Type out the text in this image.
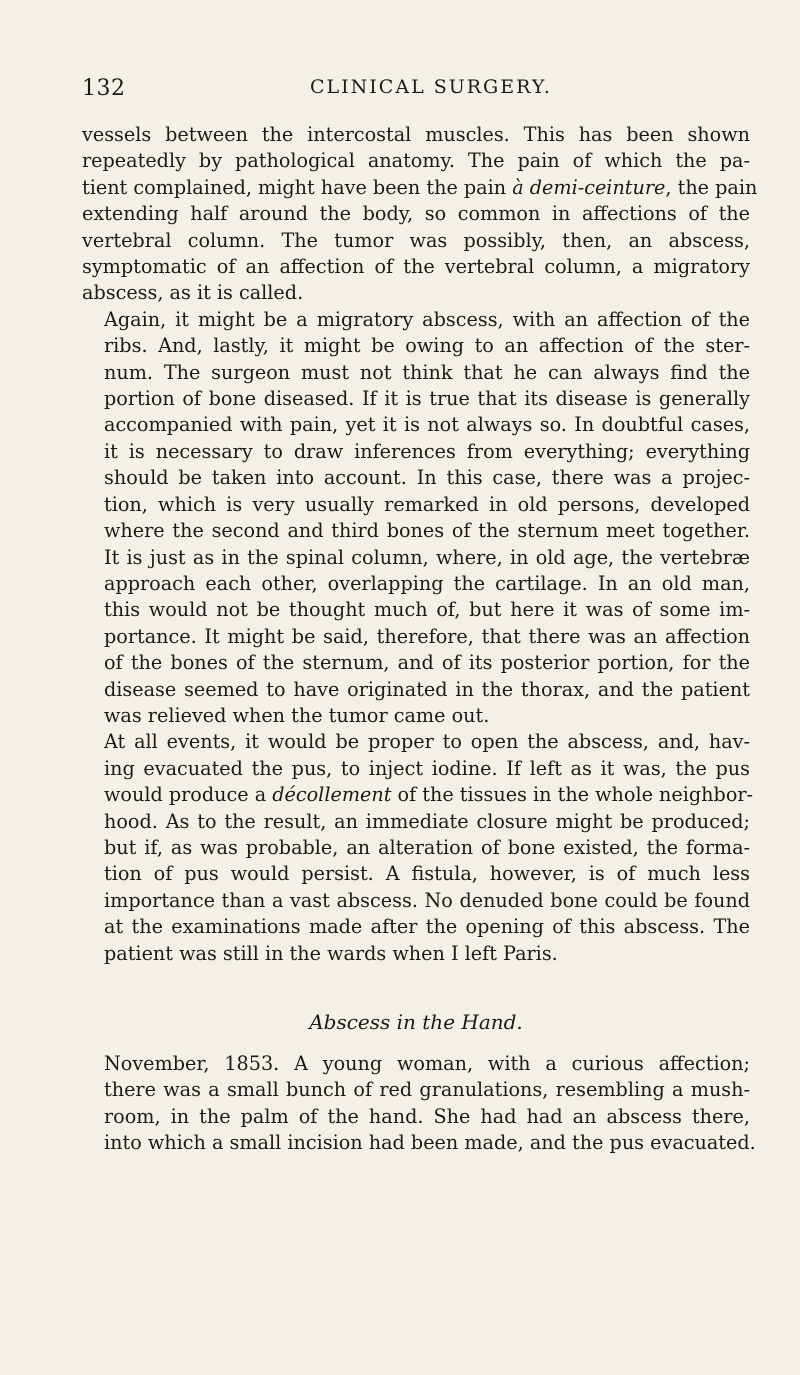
132	CLINICAL SURGERY.

vessels between the intercostal muscles. This has been shown
repeatedly by pathological anatomy. The pain of which the pa-
tient complained, might have been the pain à demi-ceinture, the pain
extending half around the body, so common in affections of the
vertebral column. The tumor was possibly, then, an abscess,
symptomatic of an affection of the vertebral column, a migratory
abscess, as it is called.

Again, it might be a migratory abscess, with an affection of the
ribs. And, lastly, it might be owing to an affection of the ster-
num. The surgeon must not think that he can always find the
portion of bone diseased. If it is true that its disease is generally
accompanied with pain, yet it is not always so. In doubtful cases,
it is necessary to draw inferences from everything; everything
should be taken into account. In this case, there was a projec-
tion, which is very usually remarked in old persons, developed
where the second and third bones of the sternum meet together.
It is just as in the spinal column, where, in old age, the vertebræ
approach each other, overlapping the cartilage. In an old man,
this would not be thought much of, but here it was of some im-
portance. It might be said, therefore, that there was an affection
of the bones of the sternum, and of its posterior portion, for the
disease seemed to have originated in the thorax, and the patient
was relieved when the tumor came out.

At all events, it would be proper to open the abscess, and, hav-
ing evacuated the pus, to inject iodine. If left as it was, the pus
would produce a décollement of the tissues in the whole neighbor-
hood. As to the result, an immediate closure might be produced;
but if, as was probable, an alteration of bone existed, the forma-
tion of pus would persist. A fistula, however, is of much less
importance than a vast abscess. No denuded bone could be found
at the examinations made after the opening of this abscess. The
patient was still in the wards when I left Paris.

Abscess in the Hand.

November, 1853. A young woman, with a curious affection;
there was a small bunch of red granulations, resembling a mush-
room, in the palm of the hand. She had had an abscess there,
into which a small incision had been made, and the pus evacuated.
